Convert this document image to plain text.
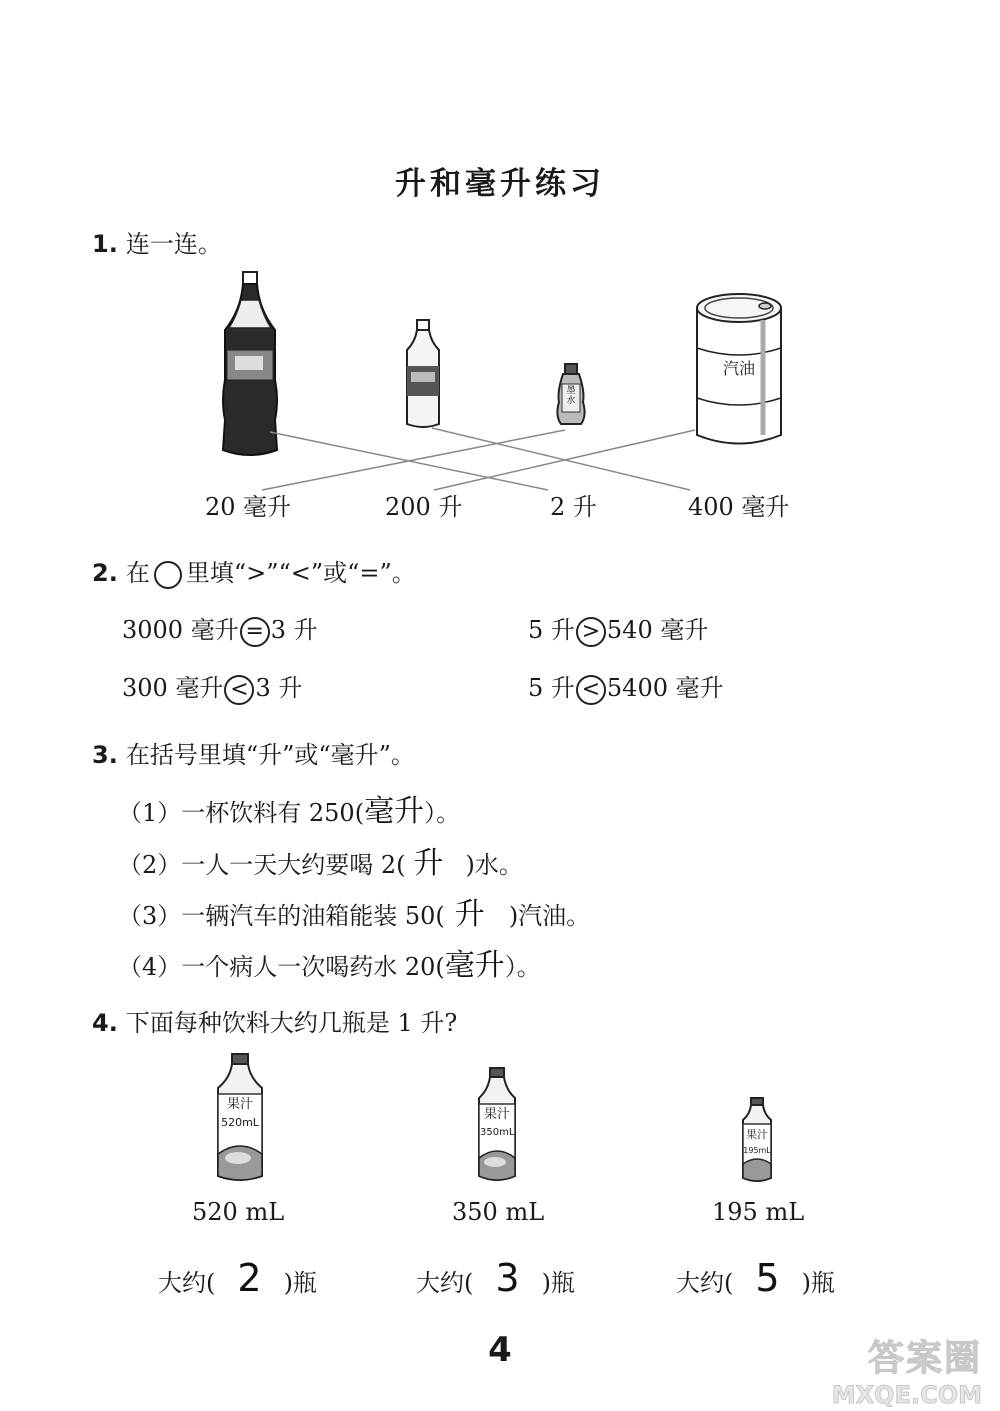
升和毫升练习
1. 连一连。
墨水
汽油
20 毫升	200 升	2 升	400 毫升
2. 在 里填“>”“<”或“=”。
3000 毫升 = 3 升	5 升 > 540 毫升
300 毫升 < 3 升	5 升 < 5400 毫升
3. 在括号里填“升”或“毫升”。
（1）一杯饮料有 250(毫升）。
（2）一人一天大约要喝 2( 升 )水。
（3）一辆汽车的油箱能装 50( 升 )汽油。
（4）一个病人一次喝药水 20(毫升）。
4. 下面每种饮料大约几瓶是 1 升?
果汁
520mL
果汁
350mL	果汁
195mL
520 mL	350 mL	195 mL
大约( 2 )瓶	大约( 3 )瓶	大约( 5 )瓶
4	答案圈
MXQE.COM
